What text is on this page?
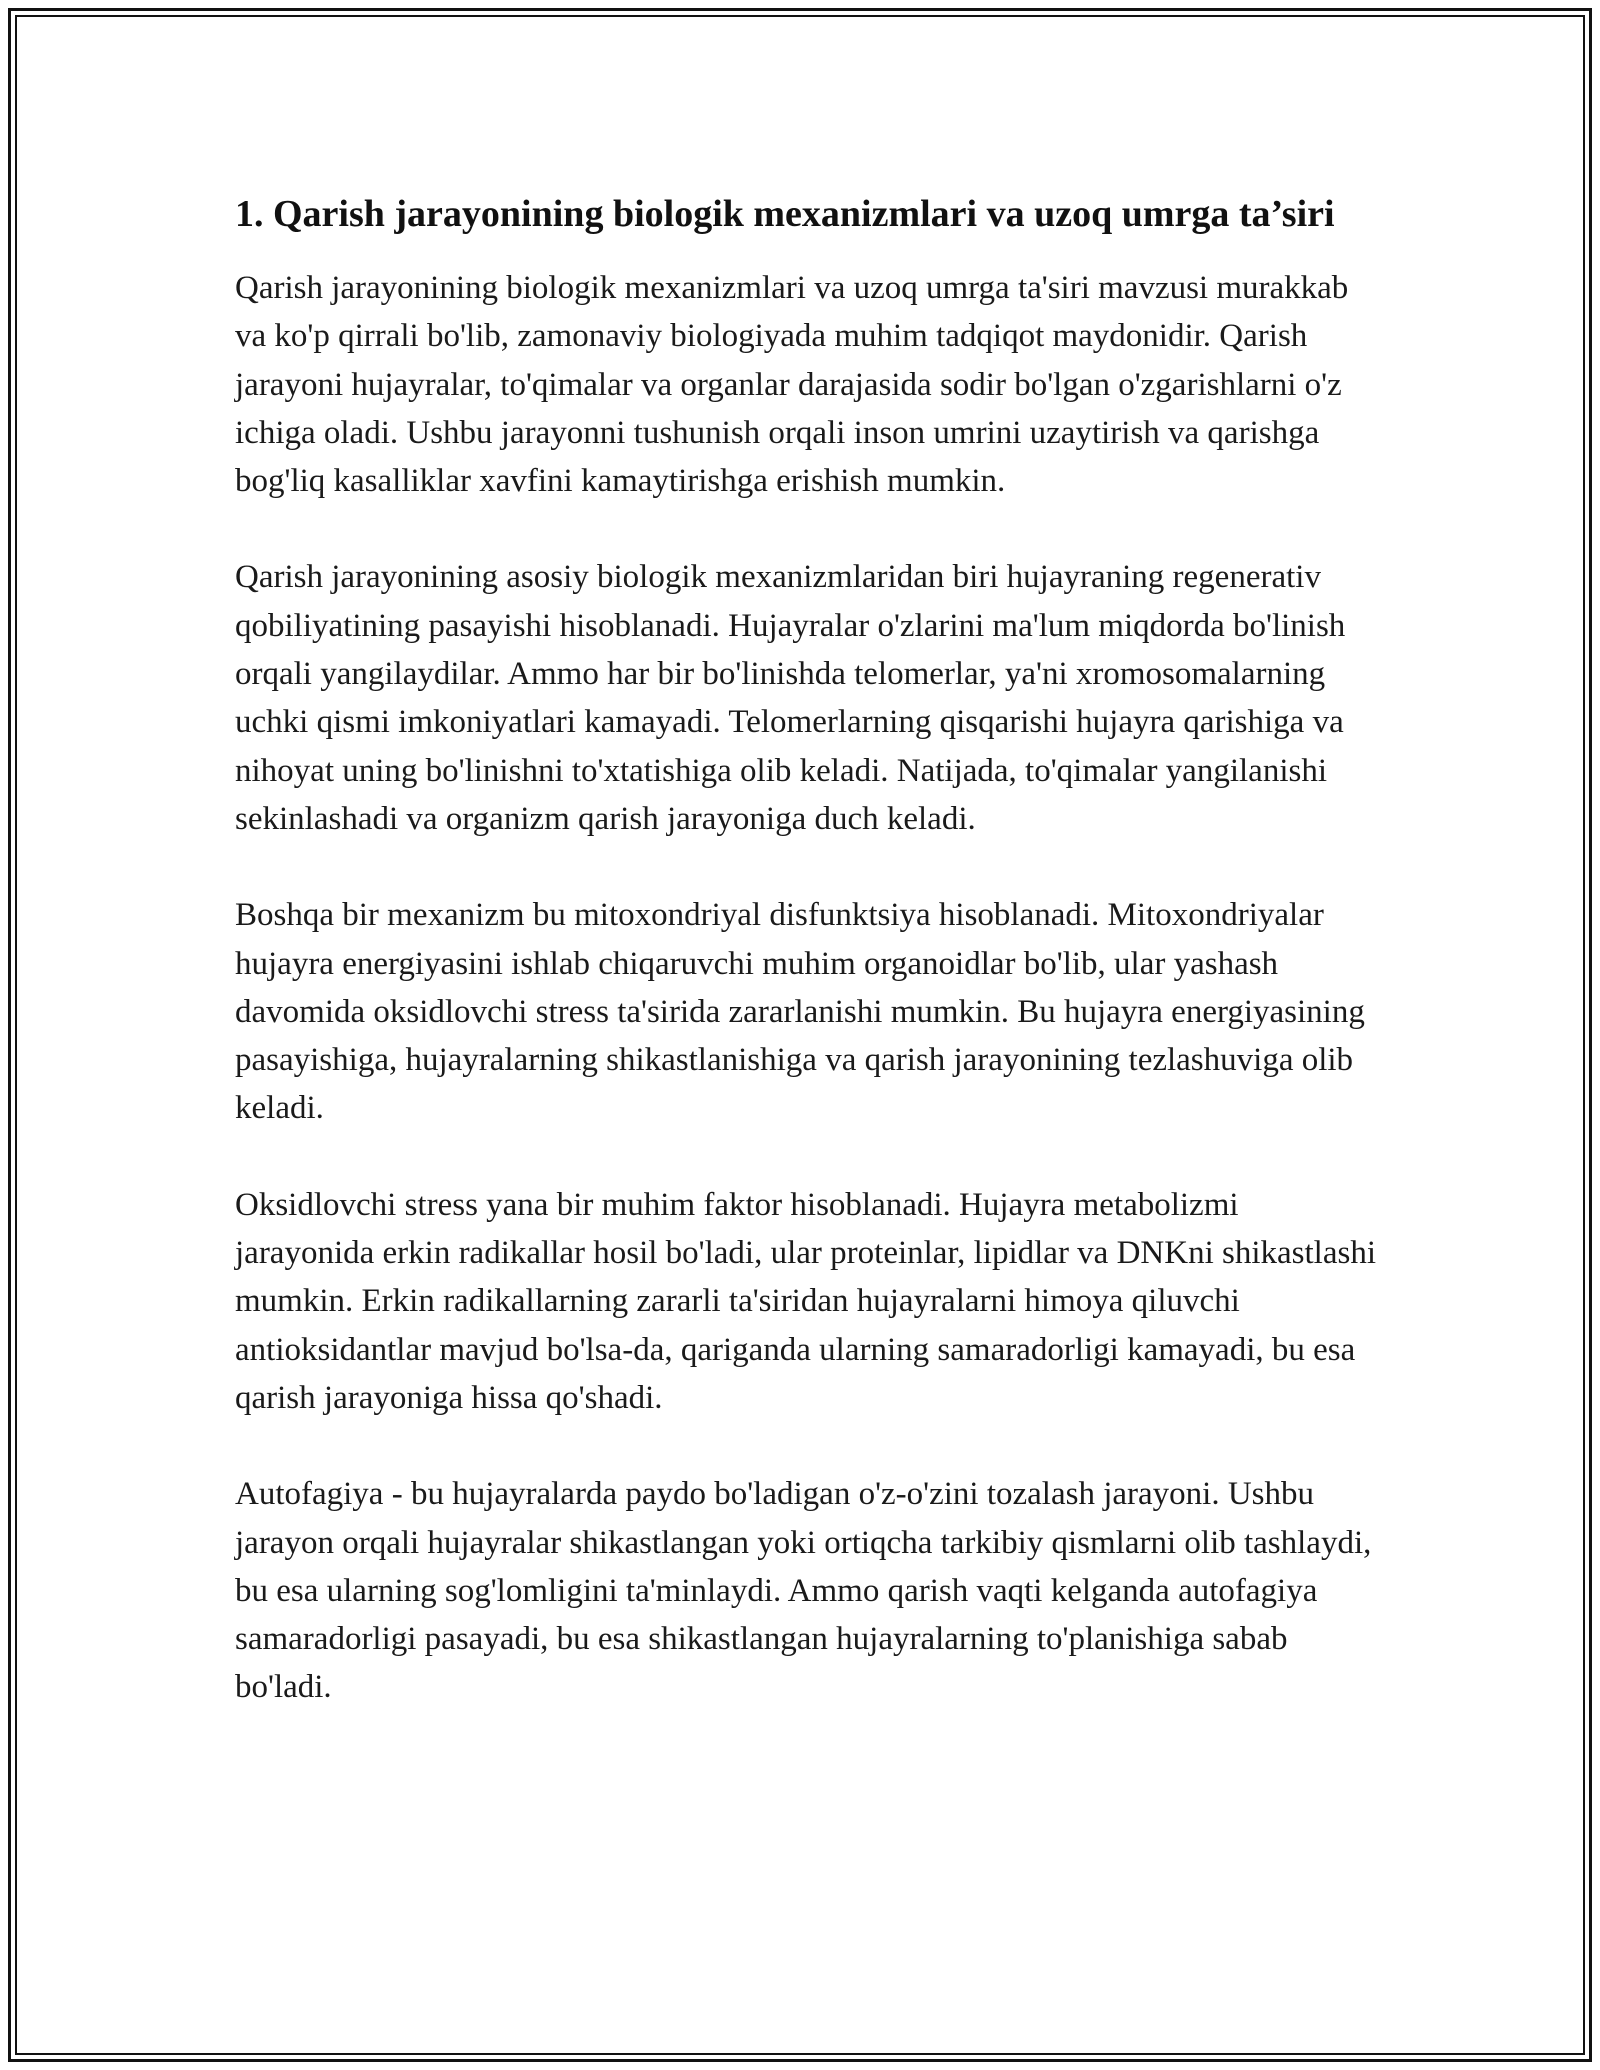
1. Qarish jarayonining biologik mexanizmlari va uzoq umrga ta’siri

Qarish jarayonining biologik mexanizmlari va uzoq umrga ta'siri mavzusi murakkab va ko'p qirrali bo'lib, zamonaviy biologiyada muhim tadqiqot maydonidir. Qarish jarayoni hujayralar, to'qimalar va organlar darajasida sodir bo'lgan o'zgarishlarni o'z ichiga oladi. Ushbu jarayonni tushunish orqali inson umrini uzaytirish va qarishga bog'liq kasalliklar xavfini kamaytirishga erishish mumkin.

Qarish jarayonining asosiy biologik mexanizmlaridan biri hujayraning regenerativ qobiliyatining pasayishi hisoblanadi. Hujayralar o'zlarini ma'lum miqdorda bo'linish orqali yangilaydilar. Ammo har bir bo'linishda telomerlar, ya'ni xromosomalarning uchki qismi imkoniyatlari kamayadi. Telomerlarning qisqarishi hujayra qarishiga va nihoyat uning bo'linishni to'xtatishiga olib keladi. Natijada, to'qimalar yangilanishi sekinlashadi va organizm qarish jarayoniga duch keladi.

Boshqa bir mexanizm bu mitoxondriyal disfunktsiya hisoblanadi. Mitoxondriyalar hujayra energiyasini ishlab chiqaruvchi muhim organoidlar bo'lib, ular yashash davomida oksidlovchi stress ta'sirida zararlanishi mumkin. Bu hujayra energiyasining pasayishiga, hujayralarning shikastlanishiga va qarish jarayonining tezlashuviga olib keladi.

Oksidlovchi stress yana bir muhim faktor hisoblanadi. Hujayra metabolizmi jarayonida erkin radikallar hosil bo'ladi, ular proteinlar, lipidlar va DNKni shikastlashi mumkin. Erkin radikallarning zararli ta'siridan hujayralarni himoya qiluvchi antioksidantlar mavjud bo'lsa-da, qariganda ularning samaradorligi kamayadi, bu esa qarish jarayoniga hissa qo'shadi.

Autofagiya - bu hujayralarda paydo bo'ladigan o'z-o'zini tozalash jarayoni. Ushbu jarayon orqali hujayralar shikastlangan yoki ortiqcha tarkibiy qismlarni olib tashlaydi, bu esa ularning sog'lomligini ta'minlaydi. Ammo qarish vaqti kelganda autofagiya samaradorligi pasayadi, bu esa shikastlangan hujayralarning to'planishiga sabab bo'ladi.
